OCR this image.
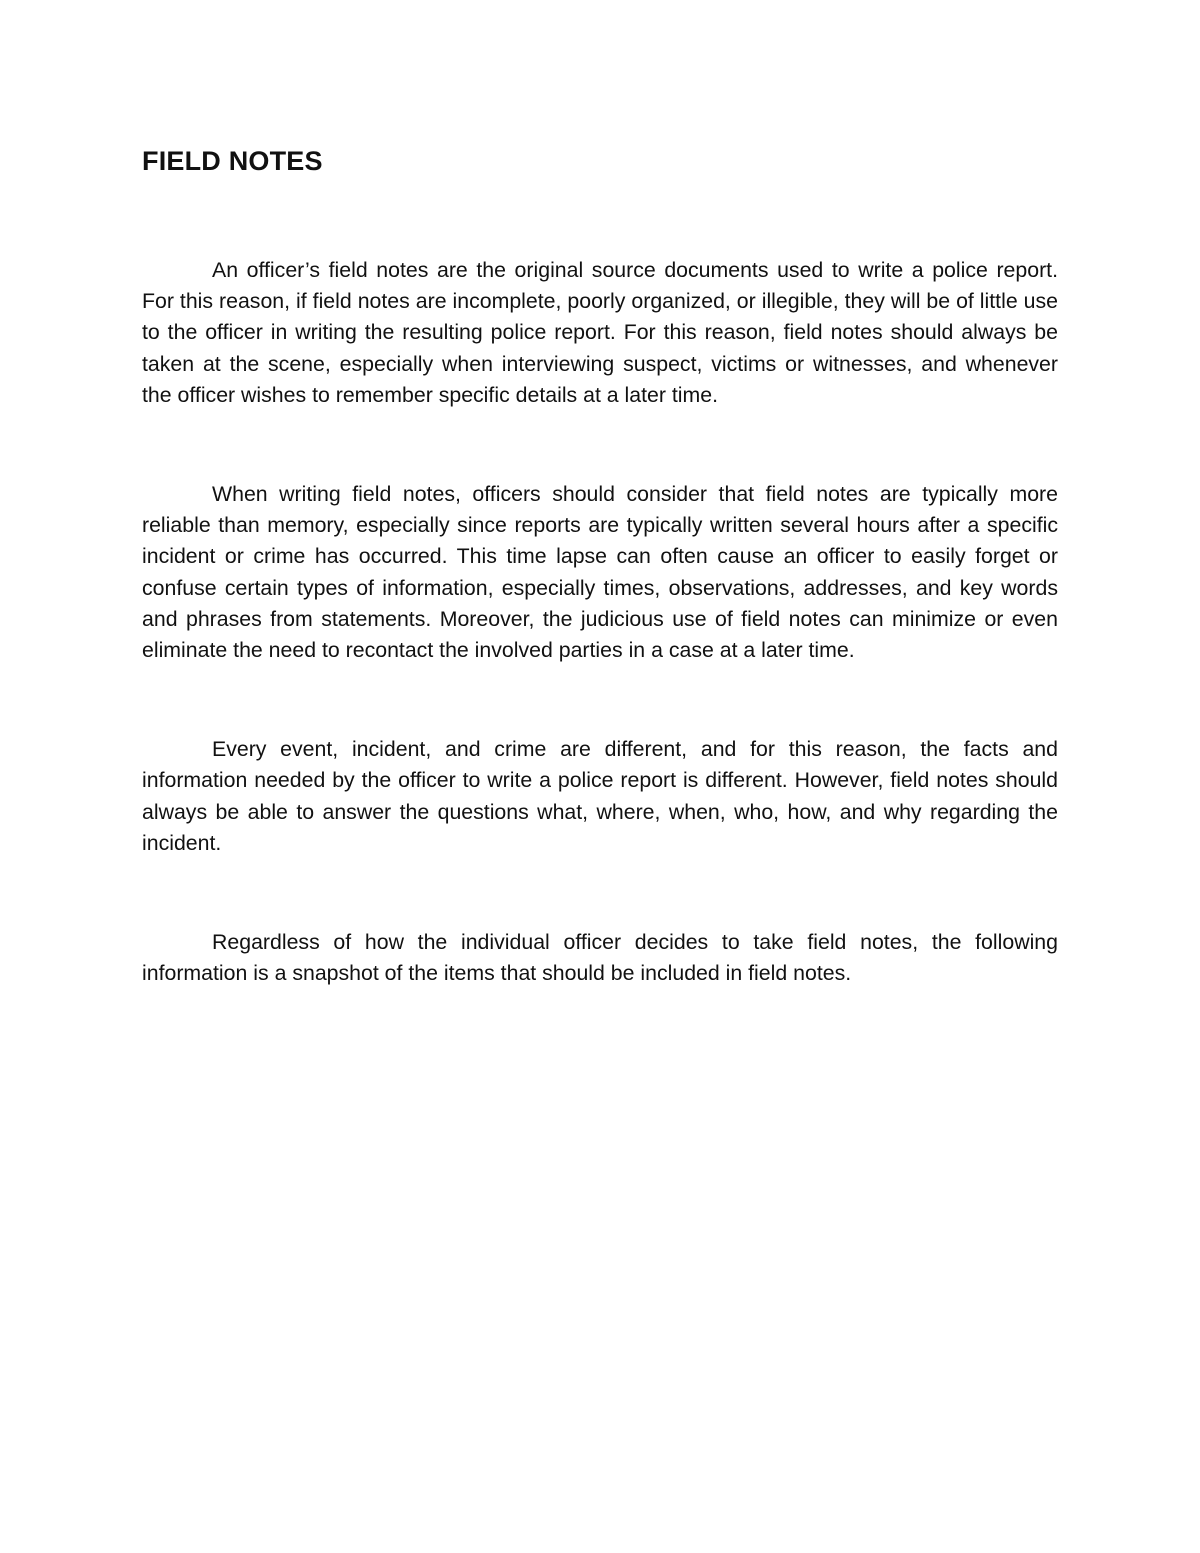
FIELD NOTES

An officer’s field notes are the original source documents used to write a police report. For this reason, if field notes are incomplete, poorly organized, or illegible, they will be of little use to the officer in writing the resulting police report. For this reason, field notes should always be taken at the scene, especially when interviewing suspect, victims or witnesses, and whenever the officer wishes to remember specific details at a later time.

When writing field notes, officers should consider that field notes are typically more reliable than memory, especially since reports are typically written several hours after a specific incident or crime has occurred. This time lapse can often cause an officer to easily forget or confuse certain types of information, especially times, observations, addresses, and key words and phrases from statements. Moreover, the judicious use of field notes can minimize or even eliminate the need to recontact the involved parties in a case at a later time.

Every event, incident, and crime are different, and for this reason, the facts and information needed by the officer to write a police report is different. However, field notes should always be able to answer the questions what, where, when, who, how, and why regarding the incident.

Regardless of how the individual officer decides to take field notes, the following information is a snapshot of the items that should be included in field notes.
